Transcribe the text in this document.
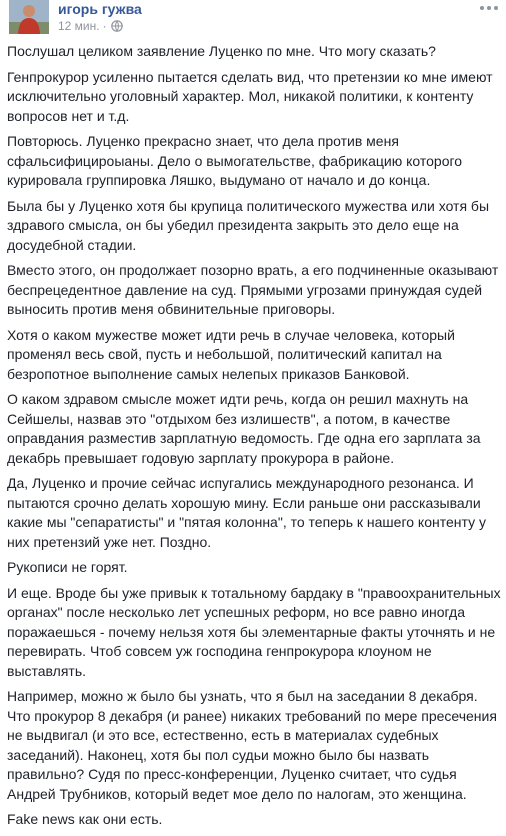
игорь гужва
12 мин. ·

Послушал целиком заявление Луценко по мне. Что могу сказать?

Генпрокурор усиленно пытается сделать вид, что претензии ко мне имеют исключительно уголовный характер. Мол, никакой политики, к контенту вопросов нет и т.д.

Повторюсь. Луценко прекрасно знает, что дела против меня сфальсифицироыаны. Дело о вымогательстве, фабрикацию которого курировала группировка Ляшко, выдумано от начало и до конца.

Была бы у Луценко хотя бы крупица политического мужества или хотя бы здравого смысла, он бы убедил президента закрыть это дело еще на досудебной стадии.

Вместо этого, он продолжает позорно врать, а его подчиненные оказывают беспрецедентное давление на суд. Прямыми угрозами принуждая судей выносить против меня обвинительные приговоры.

Хотя о каком мужестве может идти речь в случае человека, который променял весь свой, пусть и небольшой, политический капитал на безропотное выполнение самых нелепых приказов Банковой.

О каком здравом смысле может идти речь, когда он решил махнуть на Сейшелы, назвав это "отдыхом без излишеств", а потом, в качестве оправдания разместив зарплатную ведомость. Где одна его зарплата за декабрь превышает годовую зарплату прокурора в районе.

Да, Луценко и прочие сейчас испугались международного резонанса. И пытаются срочно делать хорошую мину. Если раньше они рассказывали какие мы "сепаратисты" и "пятая колонна", то теперь к нашего контенту у них претензий уже нет. Поздно.

Рукописи не горят.

И еще. Вроде бы уже привык к тотальному бардаку в "правоохранительных органах" после несколько лет успешных реформ, но все равно иногда поражаешься - почему нельзя хотя бы элементарные факты уточнять и не перевирать. Чтоб совсем уж господина генпрокурора клоуном не выставлять.

Например, можно ж было бы узнать, что я был на заседании 8 декабря. Что прокурор 8 декабря (и ранее) никаких требований по мере пресечения не выдвигал (и это все, естественно, есть в материалах судебных заседаний). Наконец, хотя бы пол судьи можно было бы назвать правильно? Судя по пресс-конференции, Луценко считает, что судья Андрей Трубников, который ведет мое дело по налогам, это женщина.

Fake news как они есть.
